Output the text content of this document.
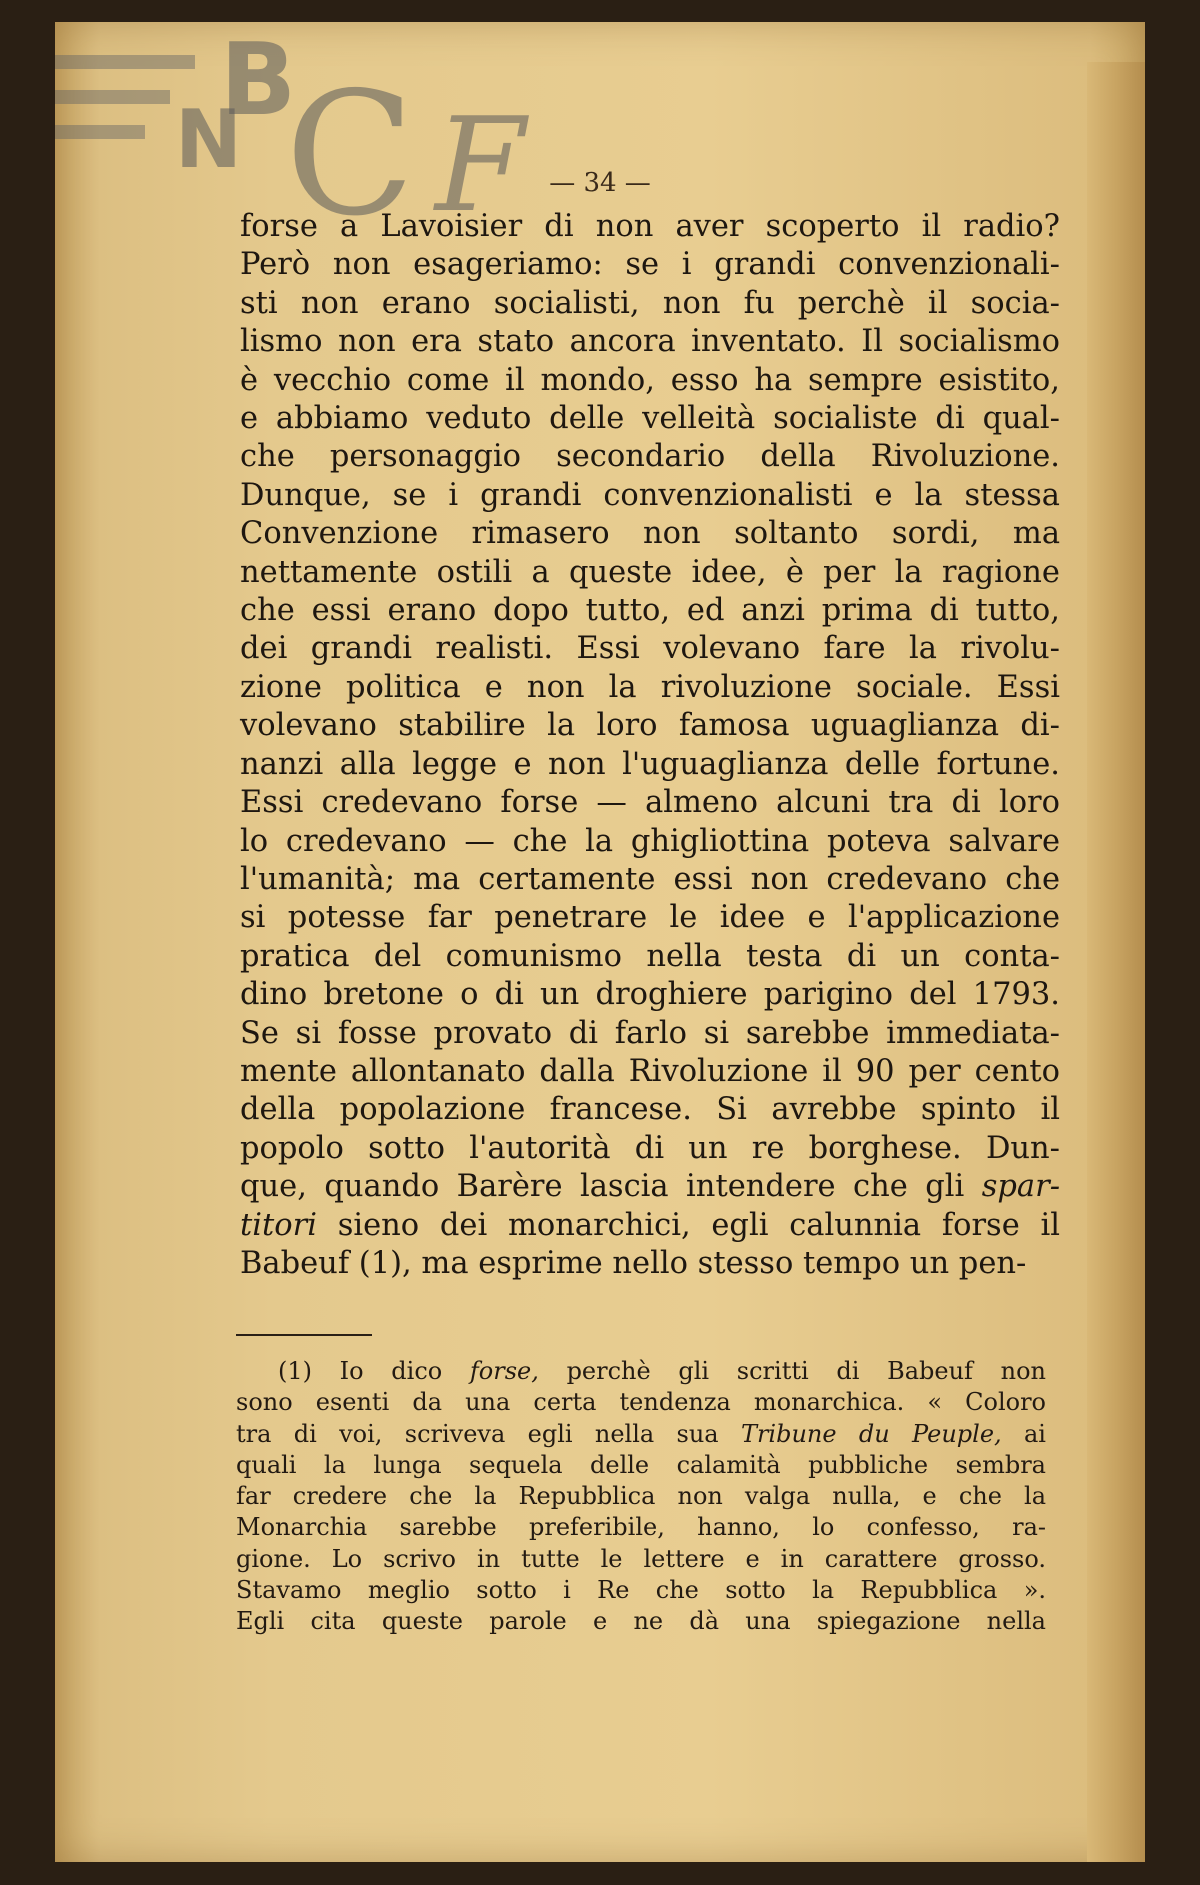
B
N C F — 34 —
forse a Lavoisier di non aver scoperto il radio?
Però non esageriamo: se i grandi convenzionali-
sti non erano socialisti, non fu perchè il socia-
lismo non era stato ancora inventato. Il socialismo
è vecchio come il mondo, esso ha sempre esistito,
e abbiamo veduto delle velleità socialiste di qual-
che personaggio secondario della Rivoluzione.
Dunque, se i grandi convenzionalisti e la stessa
Convenzione rimasero non soltanto sordi, ma
nettamente ostili a queste idee, è per la ragione
che essi erano dopo tutto, ed anzi prima di tutto,
dei grandi realisti. Essi volevano fare la rivolu-
zione politica e non la rivoluzione sociale. Essi
volevano stabilire la loro famosa uguaglianza di-
nanzi alla legge e non l'uguaglianza delle fortune.
Essi credevano forse — almeno alcuni tra di loro
lo credevano — che la ghigliottina poteva salvare
l'umanità; ma certamente essi non credevano che
si potesse far penetrare le idee e l'applicazione
pratica del comunismo nella testa di un conta-
dino bretone o di un droghiere parigino del 1793.
Se si fosse provato di farlo si sarebbe immediata-
mente allontanato dalla Rivoluzione il 90 per cento
della popolazione francese. Si avrebbe spinto il
popolo sotto l'autorità di un re borghese. Dun-
que, quando Barère lascia intendere che gli spar-
titori sieno dei monarchici, egli calunnia forse il
Babeuf (1), ma esprime nello stesso tempo un pen-
(1) Io dico forse, perchè gli scritti di Babeuf non
sono esenti da una certa tendenza monarchica. « Coloro
tra di voi, scriveva egli nella sua Tribune du Peuple, ai
quali la lunga sequela delle calamità pubbliche sembra
far credere che la Repubblica non valga nulla, e che la
Monarchia sarebbe preferibile, hanno, lo confesso, ra-
gione. Lo scrivo in tutte le lettere e in carattere grosso.
Stavamo meglio sotto i Re che sotto la Repubblica ».
Egli cita queste parole e ne dà una spiegazione nella
